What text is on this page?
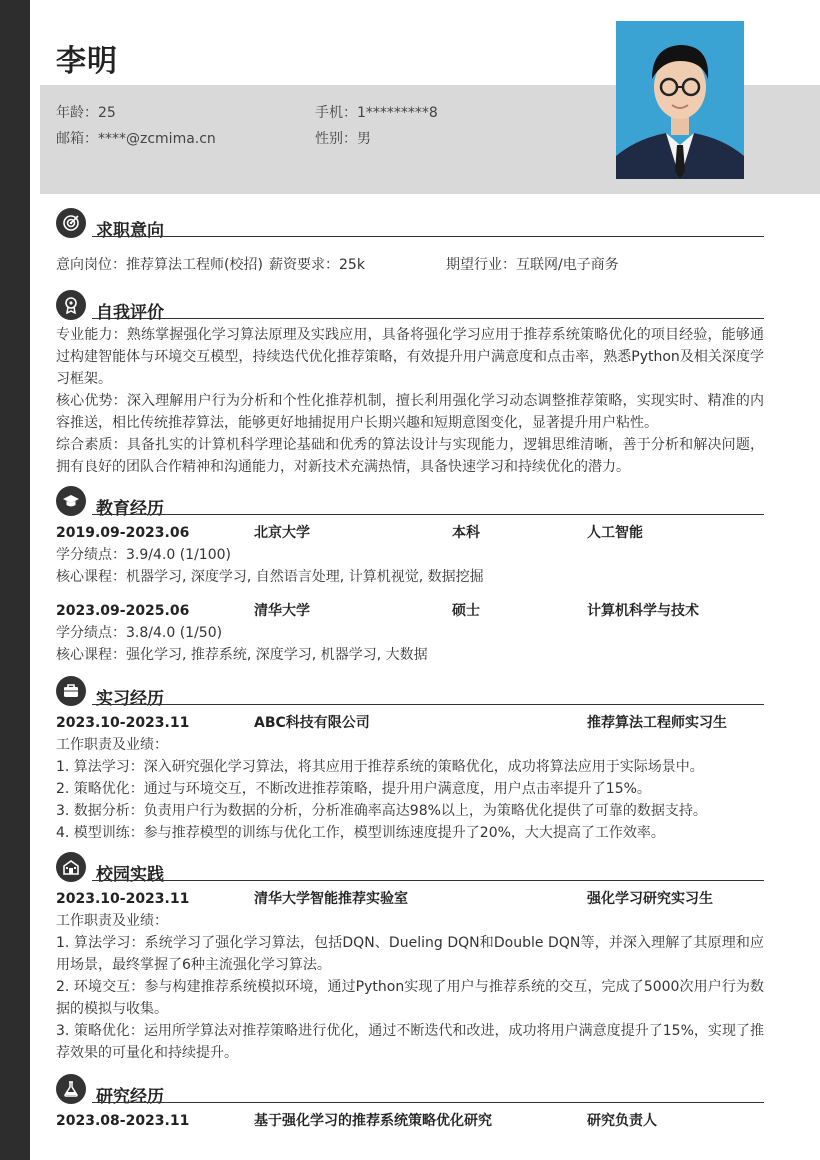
李明
年龄：25	手机：1*********8
邮箱：****@zcmima.cn	性别：男
求职意向
意向岗位：推荐算法工程师(校招) 薪资要求：25k	期望行业：互联网/电子商务
自我评价
专业能力：熟练掌握强化学习算法原理及实践应用，具备将强化学习应用于推荐系统策略优化的项目经验，能够通过构建智能体与环境交互模型，持续迭代优化推荐策略，有效提升用户满意度和点击率，熟悉Python及相关深度学习框架。
核心优势：深入理解用户行为分析和个性化推荐机制，擅长利用强化学习动态调整推荐策略，实现实时、精准的内容推送，相比传统推荐算法，能够更好地捕捉用户长期兴趣和短期意图变化，显著提升用户粘性。
综合素质：具备扎实的计算机科学理论基础和优秀的算法设计与实现能力，逻辑思维清晰，善于分析和解决问题，拥有良好的团队合作精神和沟通能力，对新技术充满热情，具备快速学习和持续优化的潜力。
教育经历
2019.09-2023.06	北京大学	本科	人工智能
学分绩点：3.9/4.0 (1/100)
核心课程：机器学习, 深度学习, 自然语言处理, 计算机视觉, 数据挖掘
2023.09-2025.06	清华大学	硕士	计算机科学与技术
学分绩点：3.8/4.0 (1/50)
核心课程：强化学习, 推荐系统, 深度学习, 机器学习, 大数据
实习经历
2023.10-2023.11	ABC科技有限公司	推荐算法工程师实习生
工作职责及业绩：
1. 算法学习：深入研究强化学习算法，将其应用于推荐系统的策略优化，成功将算法应用于实际场景中。
2. 策略优化：通过与环境交互，不断改进推荐策略，提升用户满意度，用户点击率提升了15%。
3. 数据分析：负责用户行为数据的分析，分析准确率高达98%以上，为策略优化提供了可靠的数据支持。
4. 模型训练：参与推荐模型的训练与优化工作，模型训练速度提升了20%，大大提高了工作效率。
校园实践
2023.10-2023.11	清华大学智能推荐实验室	强化学习研究实习生
工作职责及业绩：
1. 算法学习：系统学习了强化学习算法，包括DQN、Dueling DQN和Double DQN等，并深入理解了其原理和应用场景，最终掌握了6种主流强化学习算法。
2. 环境交互：参与构建推荐系统模拟环境，通过Python实现了用户与推荐系统的交互，完成了5000次用户行为数据的模拟与收集。
3. 策略优化：运用所学算法对推荐策略进行优化，通过不断迭代和改进，成功将用户满意度提升了15%，实现了推荐效果的可量化和持续提升。
研究经历
2023.08-2023.11	基于强化学习的推荐系统策略优化研究	研究负责人
